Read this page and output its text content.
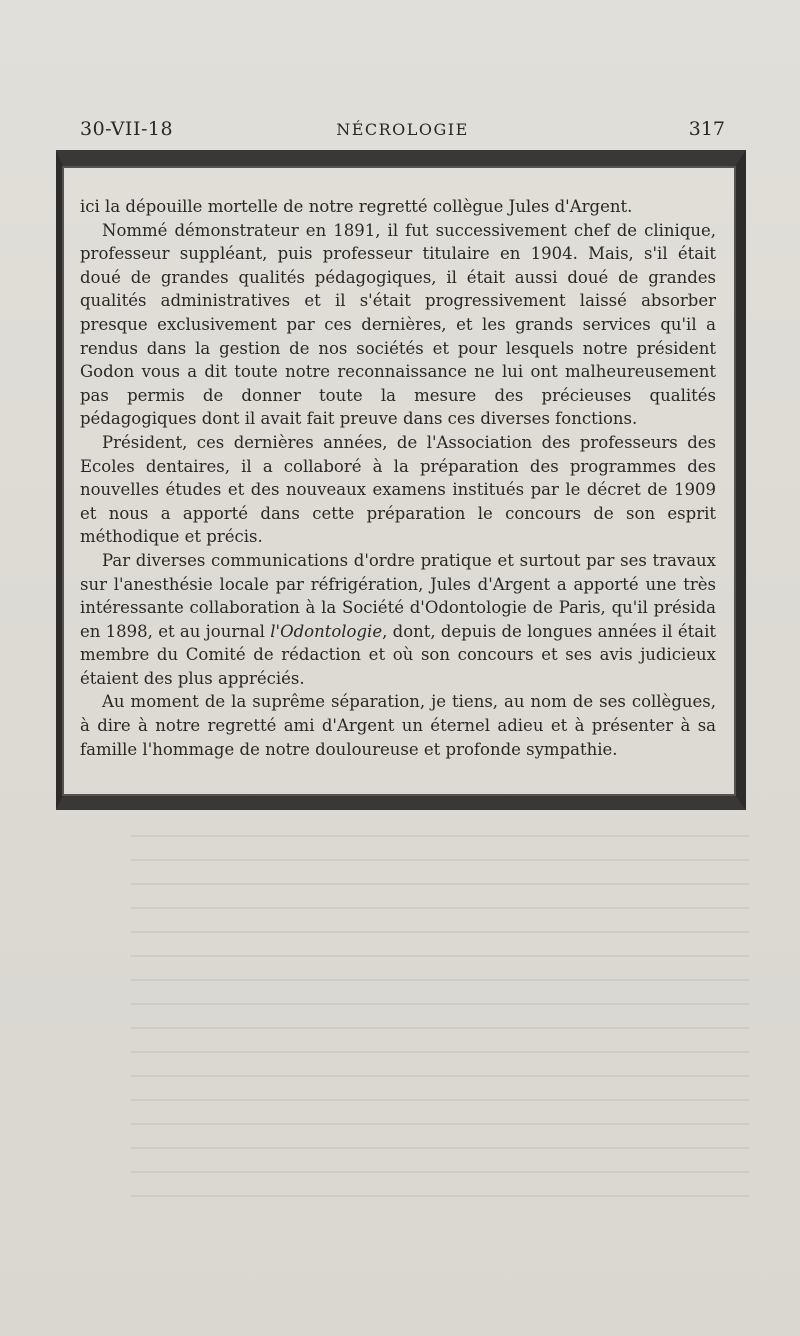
30-VII-18	NÉCROLOGIE	317

ici la dépouille mortelle de notre regretté collègue Jules d'Argent.

Nommé démonstrateur en 1891, il fut successivement chef de clinique, professeur suppléant, puis professeur titulaire en 1904. Mais, s'il était doué de grandes qualités pédagogiques, il était aussi doué de grandes qualités administratives et il s'était progressivement laissé absorber presque exclusivement par ces dernières, et les grands services qu'il a rendus dans la gestion de nos sociétés et pour lesquels notre président Godon vous a dit toute notre reconnaissance ne lui ont malheureusement pas permis de donner toute la mesure des précieuses qualités pédagogiques dont il avait fait preuve dans ces diverses fonctions.

Président, ces dernières années, de l'Association des professeurs des Ecoles dentaires, il a collaboré à la préparation des programmes des nouvelles études et des nouveaux examens institués par le décret de 1909 et nous a apporté dans cette préparation le concours de son esprit méthodique et précis.

Par diverses communications d'ordre pratique et surtout par ses travaux sur l'anesthésie locale par réfrigération, Jules d'Argent a apporté une très intéressante collaboration à la Société d'Odontologie de Paris, qu'il présida en 1898, et au journal l'Odontologie, dont, depuis de longues années il était membre du Comité de rédaction et où son concours et ses avis judicieux étaient des plus appréciés.

Au moment de la suprême séparation, je tiens, au nom de ses collègues, à dire à notre regretté ami d'Argent un éternel adieu et à présenter à sa famille l'hommage de notre douloureuse et profonde sympathie.
